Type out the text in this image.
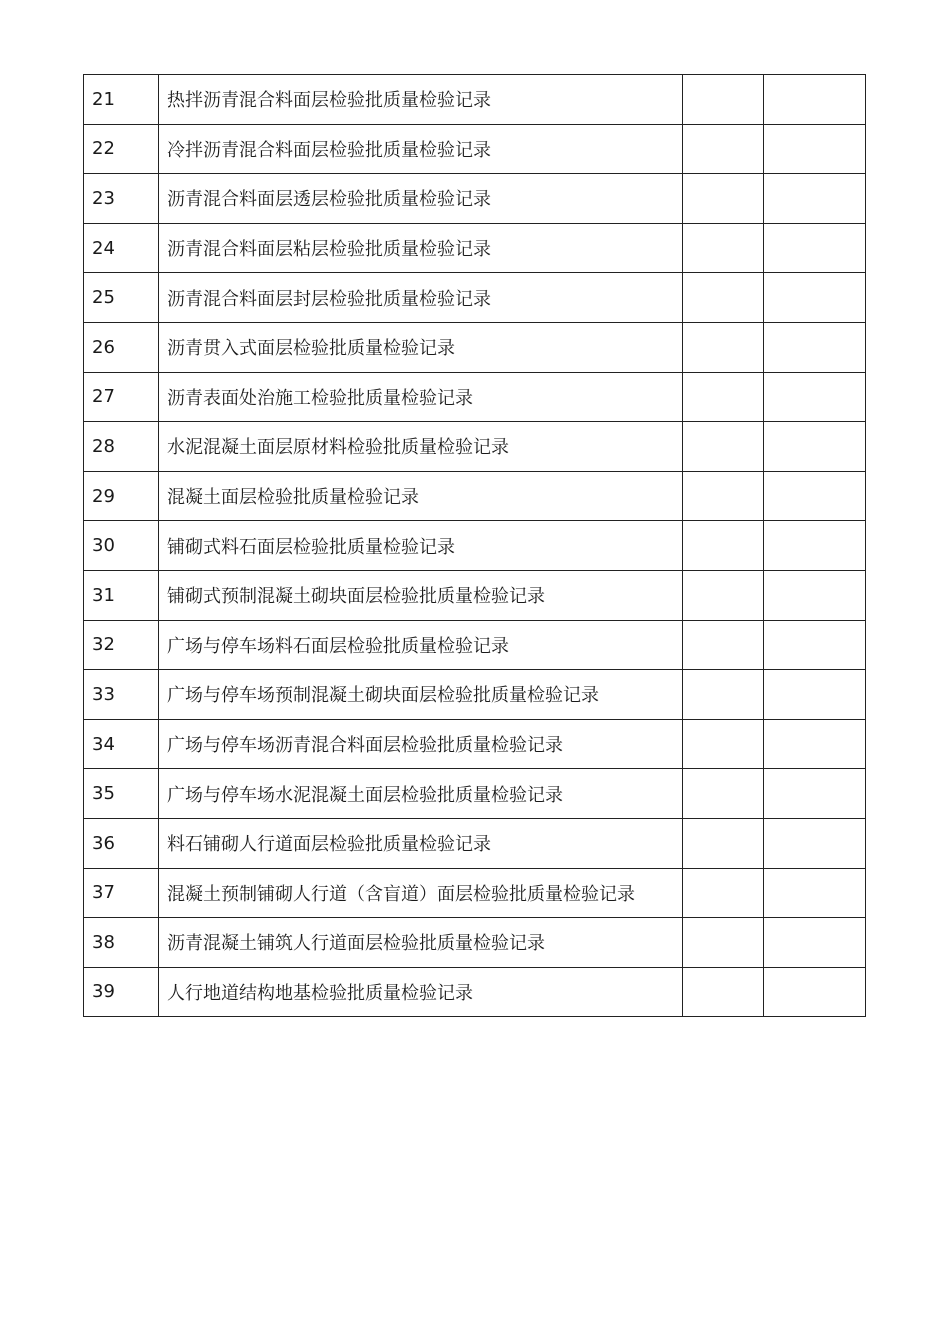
21	热拌沥青混合料面层检验批质量检验记录		
22	冷拌沥青混合料面层检验批质量检验记录		
23	沥青混合料面层透层检验批质量检验记录		
24	沥青混合料面层粘层检验批质量检验记录		
25	沥青混合料面层封层检验批质量检验记录		
26	沥青贯入式面层检验批质量检验记录		
27	沥青表面处治施工检验批质量检验记录		
28	水泥混凝土面层原材料检验批质量检验记录		
29	混凝土面层检验批质量检验记录		
30	铺砌式料石面层检验批质量检验记录		
31	铺砌式预制混凝土砌块面层检验批质量检验记录		
32	广场与停车场料石面层检验批质量检验记录		
33	广场与停车场预制混凝土砌块面层检验批质量检验记录		
34	广场与停车场沥青混合料面层检验批质量检验记录		
35	广场与停车场水泥混凝土面层检验批质量检验记录		
36	料石铺砌人行道面层检验批质量检验记录		
37	混凝土预制铺砌人行道（含盲道）面层检验批质量检验记录		
38	沥青混凝土铺筑人行道面层检验批质量检验记录		
39	人行地道结构地基检验批质量检验记录		
